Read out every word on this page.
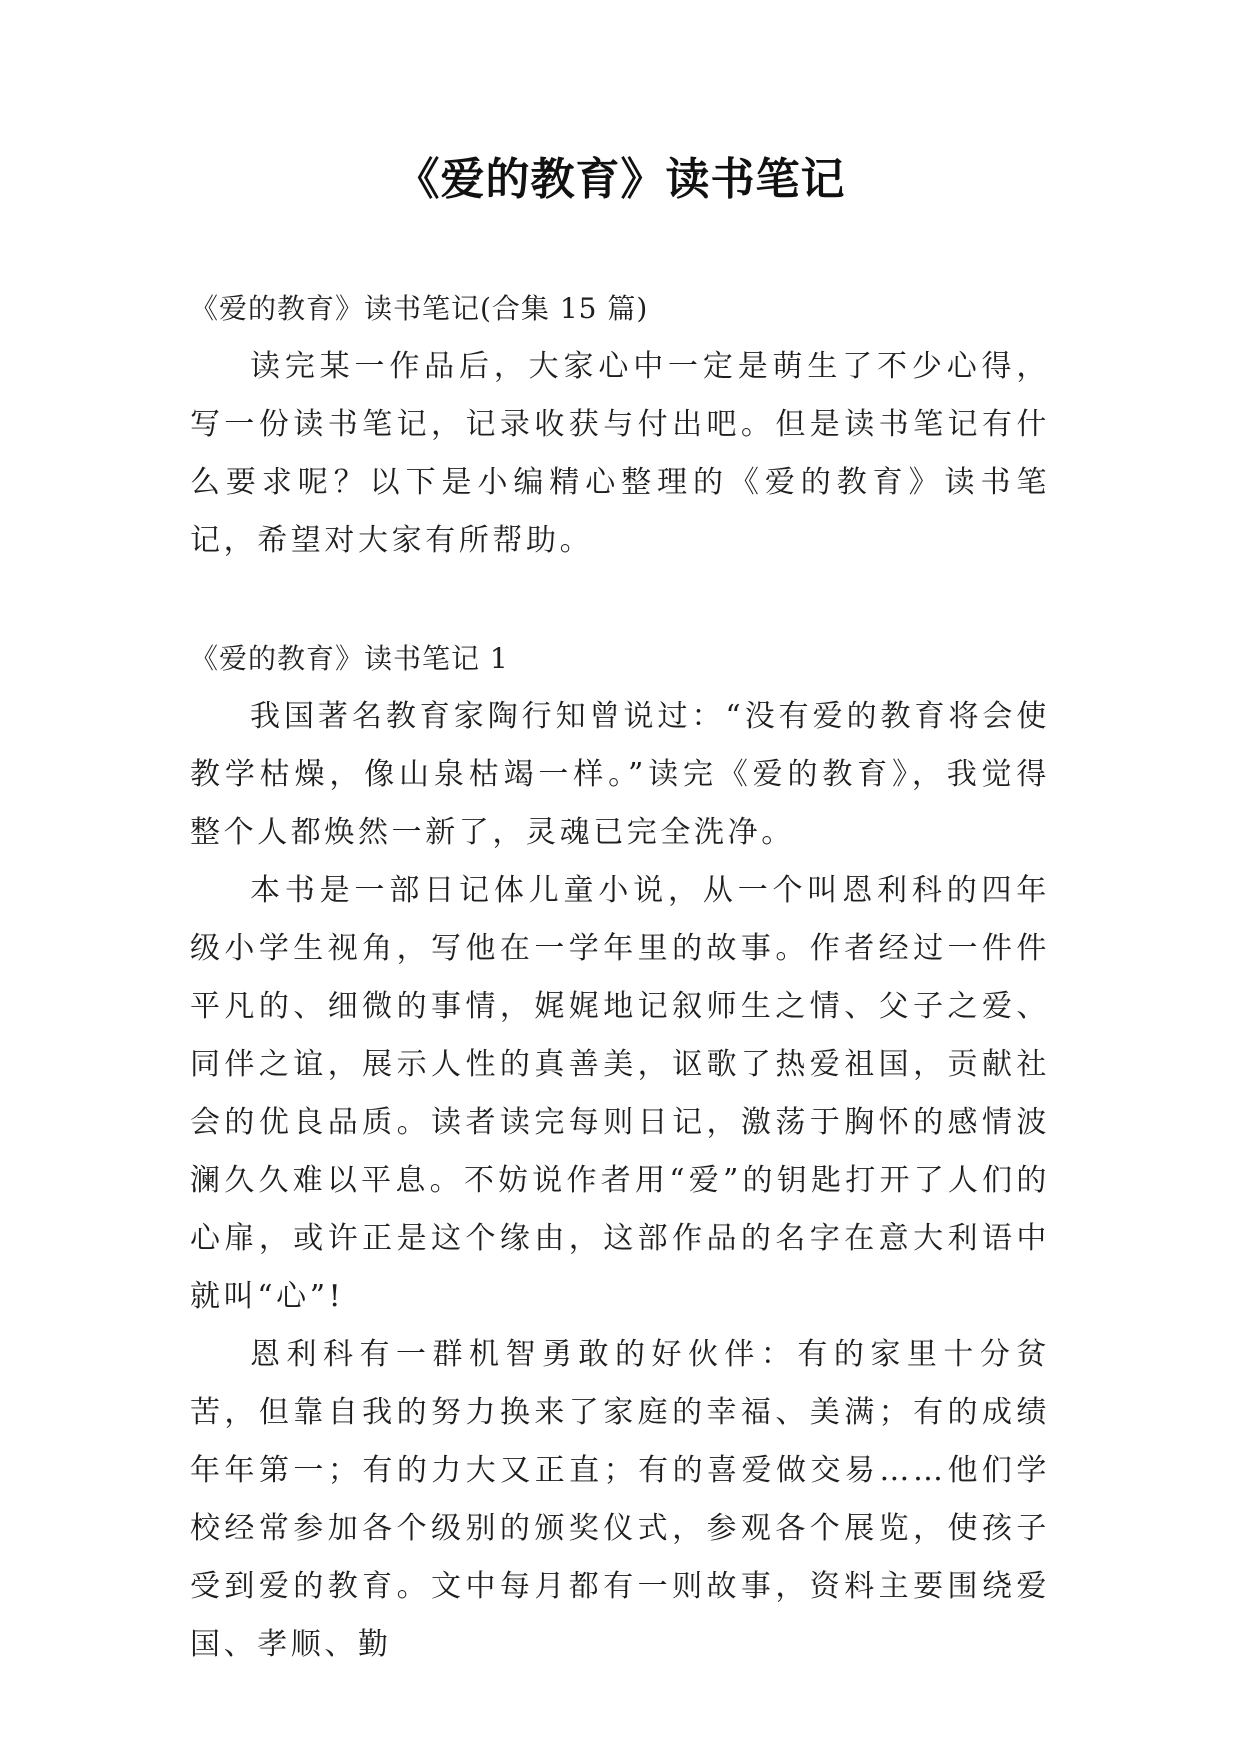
《爱的教育》读书笔记

《爱的教育》读书笔记(合集 15 篇)

读完某一作品后，大家心中一定是萌生了不少心得，写一份读书笔记，记录收获与付出吧。但是读书笔记有什么要求呢？以下是小编精心整理的《爱的教育》读书笔记，希望对大家有所帮助。

《爱的教育》读书笔记 1

我国著名教育家陶行知曾说过：“没有爱的教育将会使教学枯燥，像山泉枯竭一样。”读完《爱的教育》，我觉得整个人都焕然一新了，灵魂已完全洗净。

本书是一部日记体儿童小说，从一个叫恩利科的四年级小学生视角，写他在一学年里的故事。作者经过一件件平凡的、细微的事情，娓娓地记叙师生之情、父子之爱、同伴之谊，展示人性的真善美，讴歌了热爱祖国，贡献社会的优良品质。读者读完每则日记，激荡于胸怀的感情波澜久久难以平息。不妨说作者用“爱”的钥匙打开了人们的心扉，或许正是这个缘由，这部作品的名字在意大利语中就叫“心”!

恩利科有一群机智勇敢的好伙伴：有的家里十分贫苦，但靠自我的努力换来了家庭的幸福、美满；有的成绩年年第一；有的力大又正直；有的喜爱做交易……他们学校经常参加各个级别的颁奖仪式，参观各个展览，使孩子受到爱的教育。文中每月都有一则故事，资料主要围绕爱国、孝顺、勤
